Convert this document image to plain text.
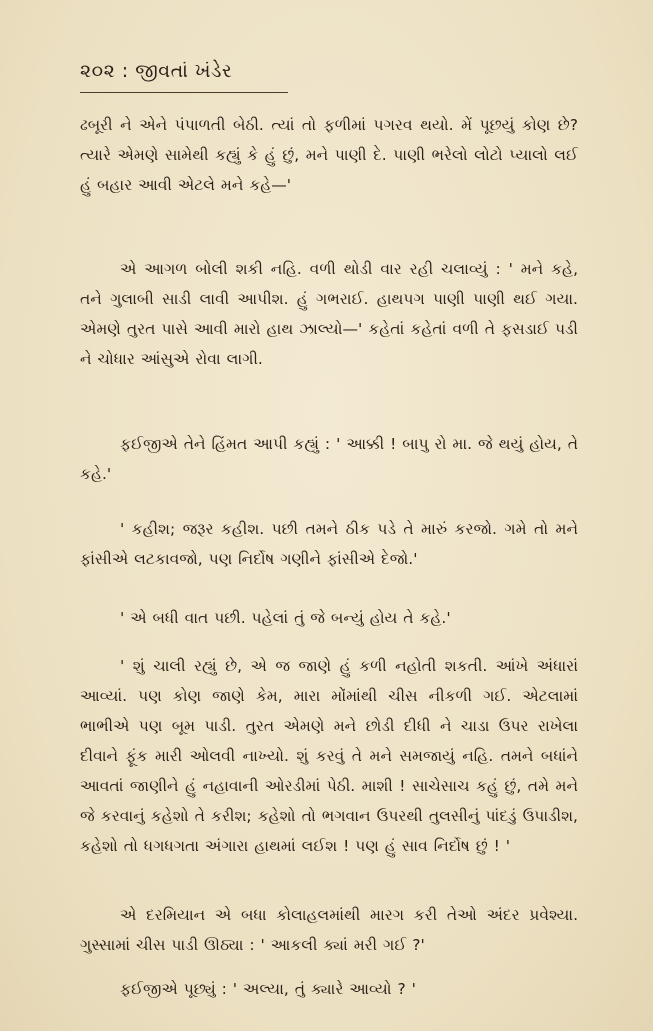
૨૦૨ : જીવતાં ખંડેર

ઢબૂરી ને એને પંપાળતી બેઠી. ત્યાં તો ફળીમાં પગરવ થયો. મેં પૂછયું કોણ છે? ત્યારે એમણે સામેથી કહ્યું કે હું છું, મને પાણી દે. પાણી ભરેલો લોટો પ્યાલો લઈ હું બહાર આવી એટલે મને કહે—'

એ આગળ બોલી શકી નહિ. વળી થોડી વાર રહી ચલાવ્યું : ' મને કહે, તને ગુલાબી સાડી લાવી આપીશ. હું ગભરાઈ. હાથપગ પાણી પાણી થઈ ગયા. એમણે તુરત પાસે આવી મારો હાથ ઝાલ્યો—' કહેતાં કહેતાં વળી તે ફસડાઈ પડી ને ચોધાર આંસુએ રોવા લાગી.

ફઈજીએ તેને હિંમત આપી કહ્યું : ' આક્કી ! બાપુ રો મા. જે થયું હોય, તે કહે.'

' કહીશ; જરૂર કહીશ. પછી તમને ઠીક પડે તે મારું કરજો. ગમે તો મને ફાંસીએ લટકાવજો, પણ નિર્દોષ ગણીને ફાંસીએ દેજો.'

' એ બધી વાત પછી. પહેલાં તું જે બન્યું હોય તે કહે.'

' શું ચાલી રહ્યું છે, એ જ જાણે હું કળી નહોતી શકતી. આંખે અંધારાં આવ્યાં. પણ કોણ જાણે કેમ, મારા મોંમાંથી ચીસ નીકળી ગઈ. એટલામાં ભાભીએ પણ બૂમ પાડી. તુરત એમણે મને છોડી દીધી ને ચાડા ઉપર રાખેલા દીવાને ફૂંક મારી ઓલવી નાખ્યો. શું કરવું તે મને સમજાયું નહિ. તમને બધાંને આવતાં જાણીને હું નહાવાની ઓરડીમાં પેઠી. માશી ! સાચેસાચ કહું છું, તમે મને જે કરવાનું કહેશો તે કરીશ; કહેશો તો ભગવાન ઉપરથી તુલસીનું પાંદડું ઉપાડીશ, કહેશો તો ધગધગતા અંગારા હાથમાં લઈશ ! પણ હું સાવ નિર્દોષ છું ! '

એ દરમિયાન એ બધા કોલાહલમાંથી મારગ કરી તેઓ અંદર પ્રવેશ્યા. ગુસ્સામાં ચીસ પાડી ઊઠ્યા : ' આકલી ક્યાં મરી ગઈ ?'

ફઈજીએ પૂછ્યું : ' અલ્યા, તું ક્યારે આવ્યો ? '
